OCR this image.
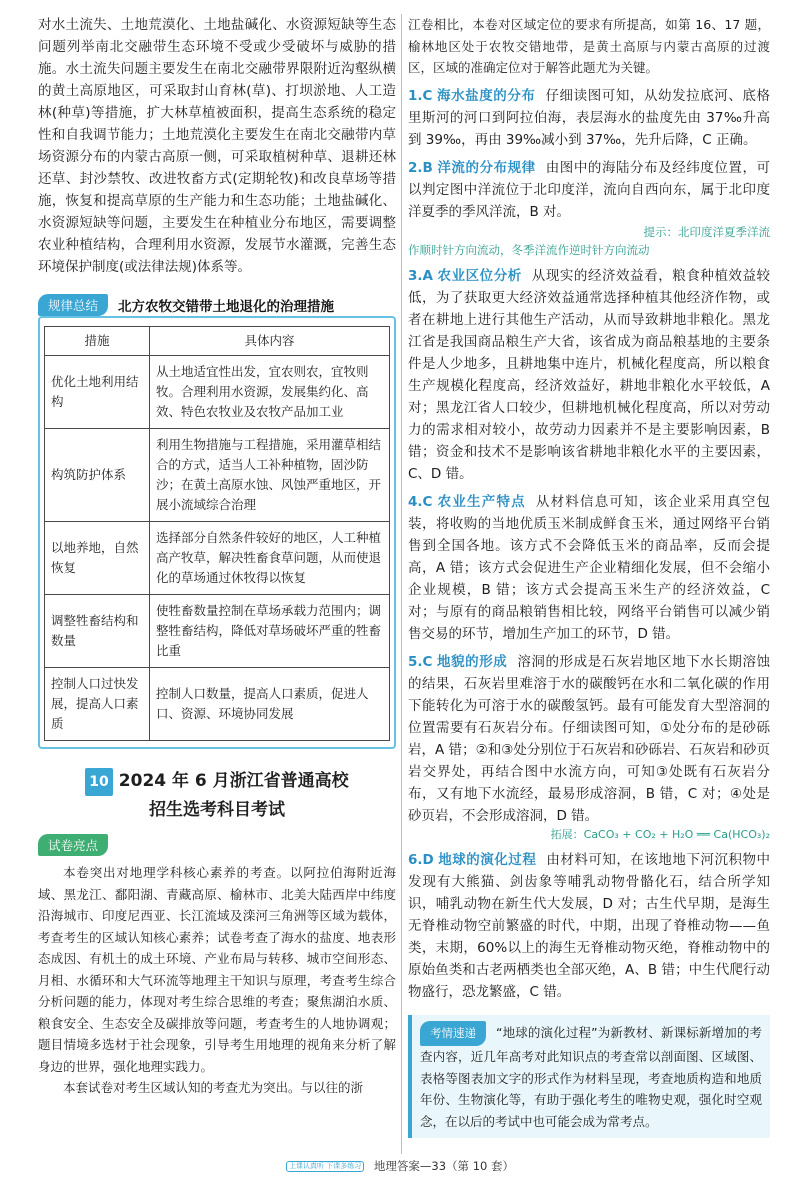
对水土流失、土地荒漠化、土地盐碱化、水资源短缺等生态问题列举南北交融带生态环境不受或少受破坏与威胁的措施。水土流失问题主要发生在南北交融带界限附近沟壑纵横的黄土高原地区，可采取封山育林(草)、打坝淤地、人工造林(种草)等措施，扩大林草植被面积，提高生态系统的稳定性和自我调节能力；土地荒漠化主要发生在南北交融带内草场资源分布的内蒙古高原一侧，可采取植树种草、退耕还林还草、封沙禁牧、改进牧畜方式(定期轮牧)和改良草场等措施，恢复和提高草原的生产能力和生态功能；土地盐碱化、水资源短缺等问题，主要发生在种植业分布地区，需要调整农业种植结构，合理利用水资源，发展节水灌溉，完善生态环境保护制度(或法律法规)体系等。

规律总结	北方农牧交错带土地退化的治理措施
措施	具体内容
优化土地利用结构	从土地适宜性出发，宜农则农，宜牧则牧。合理利用水资源，发展集约化、高效、特色农牧业及农牧产品加工业
构筑防护体系	利用生物措施与工程措施，采用灌草相结合的方式，适当人工补种植物，固沙防沙；在黄土高原水蚀、风蚀严重地区，开展小流域综合治理
以地养地，自然恢复	选择部分自然条件较好的地区，人工种植高产牧草，解决牲畜食草问题，从而使退化的草场通过休牧得以恢复
调整牲畜结构和数量	使牲畜数量控制在草场承载力范围内；调整牲畜结构，降低对草场破坏严重的牲畜比重
控制人口过快发展，提高人口素质	控制人口数量，提高人口素质，促进人口、资源、环境协同发展
10 2024 年 6 月浙江省普通高校
招生选考科目考试
试卷亮点

本卷突出对地理学科核心素养的考查。以阿拉伯海附近海域、黑龙江、鄱阳湖、青藏高原、榆林市、北美大陆西岸中纬度沿海城市、印度尼西亚、长江流域及滦河三角洲等区域为载体，考查考生的区域认知核心素养；试卷考查了海水的盐度、地表形态成因、有机土的成土环境、产业布局与转移、城市空间形态、月相、水循环和大气环流等地理主干知识与原理，考查考生综合分析问题的能力，体现对考生综合思维的考查；聚焦湖泊水质、粮食安全、生态安全及碳排放等问题，考查考生的人地协调观；题目情境多选材于社会现象，引导考生用地理的视角来分析了解身边的世界，强化地理实践力。

本套试卷对考生区域认知的考查尤为突出。与以往的浙

江卷相比，本卷对区域定位的要求有所提高，如第 16、17 题，榆林地区处于农牧交错地带，是黄土高原与内蒙古高原的过渡区，区域的准确定位对于解答此题尤为关键。

1.C 海水盐度的分布 仔细读图可知，从幼发拉底河、底格里斯河的河口到阿拉伯海，表层海水的盐度先由 37‰升高到 39‰，再由 39‰减小到 37‰，先升后降，C 正确。

2.B 洋流的分布规律 由图中的海陆分布及经纬度位置，可以判定图中洋流位于北印度洋，流向自西向东，属于北印度洋夏季的季风洋流，B 对。

提示：北印度洋夏季洋流
作顺时针方向流动，冬季洋流作逆时针方向流动

3.A 农业区位分析 从现实的经济效益看，粮食种植效益较低，为了获取更大经济效益通常选择种植其他经济作物，或者在耕地上进行其他生产活动，从而导致耕地非粮化。黑龙江省是我国商品粮生产大省，该省成为商品粮基地的主要条件是人少地多，且耕地集中连片，机械化程度高，所以粮食生产规模化程度高，经济效益好，耕地非粮化水平较低，A 对；黑龙江省人口较少，但耕地机械化程度高，所以对劳动力的需求相对较小，故劳动力因素并不是主要影响因素，B 错；资金和技术不是影响该省耕地非粮化水平的主要因素，C、D 错。

4.C 农业生产特点 从材料信息可知，该企业采用真空包装，将收购的当地优质玉米制成鲜食玉米，通过网络平台销售到全国各地。该方式不会降低玉米的商品率，反而会提高，A 错；该方式会促进生产企业精细化发展，但不会缩小企业规模，B 错；该方式会提高玉米生产的经济效益，C 对；与原有的商品粮销售相比较，网络平台销售可以减少销售交易的环节，增加生产加工的环节，D 错。

5.C 地貌的形成 溶洞的形成是石灰岩地区地下水长期溶蚀的结果，石灰岩里难溶于水的碳酸钙在水和二氧化碳的作用下能转化为可溶于水的碳酸氢钙。最有可能发育大型溶洞的位置需要有石灰岩分布。仔细读图可知，①处分布的是砂砾岩，A 错；②和③处分别位于石灰岩和砂砾岩、石灰岩和砂页岩交界处，再结合图中水流方向，可知③处既有石灰岩分布，又有地下水流经，最易形成溶洞，B 错，C 对；④处是砂页岩，不会形成溶洞，D 错。

拓展：CaCO₃ + CO₂ + H₂O ══ Ca(HCO₃)₂

6.D 地球的演化过程 由材料可知，在该地地下河沉积物中发现有大熊猫、剑齿象等哺乳动物骨骼化石，结合所学知识，哺乳动物在新生代大发展，D 对；古生代早期，是海生无脊椎动物空前繁盛的时代，中期，出现了脊椎动物——鱼类，末期，60%以上的海生无脊椎动物灭绝，脊椎动物中的原始鱼类和古老两栖类也全部灭绝，A、B 错；中生代爬行动物盛行，恐龙繁盛，C 错。

考情速递 “地球的演化过程”为新教材、新课标新增加的考查内容，近几年高考对此知识点的考查常以剖面图、区域图、表格等图表加文字的形式作为材料呈现，考查地质构造和地质年份、生物演化等，有助于强化考生的唯物史观，强化时空观念，在以后的考试中也可能会成为常考点。

上课认真听 下课多练习 地理答案—33（第 10 套）
